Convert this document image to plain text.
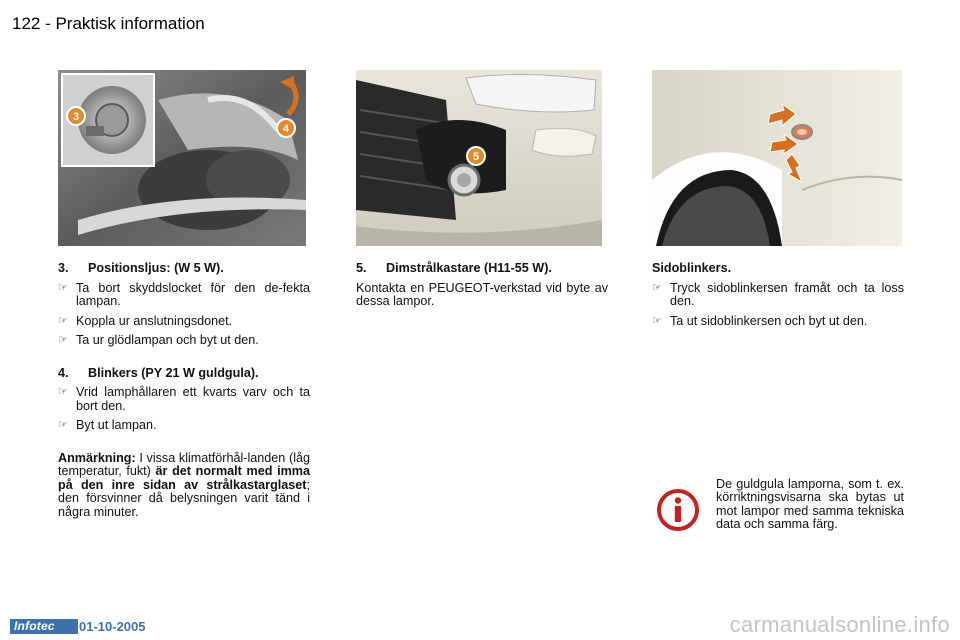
122 - Praktisk information
3
4
5
3.	Positionsljus: (W 5 W).
☞ Ta bort skyddslocket för den de-fekta lampan.
☞ Koppla ur anslutningsdonet.
☞ Ta ur glödlampan och byt ut den.
4.	Blinkers (PY 21 W guldgula).
☞ Vrid lamphållaren ett kvarts varv och ta bort den.
☞ Byt ut lampan.
Anmärkning: I vissa klimatförhål-landen (låg temperatur, fukt) är det normalt med imma på den inre sidan av strålkastarglaset; den försvinner då belysningen varit tänd i några minuter.
5.	Dimstrålkastare (H11-55 W).
Kontakta en PEUGEOT-verkstad vid byte av dessa lampor.
Sidoblinkers.
☞ Tryck sidoblinkersen framåt och ta loss den.
☞ Ta ut sidoblinkersen och byt ut den.
De guldgula lamporna, som t. ex. körriktningsvisarna ska bytas ut mot lampor med samma tekniska data och samma färg.
Infotec	01-10-2005	carmanualsonline.info
